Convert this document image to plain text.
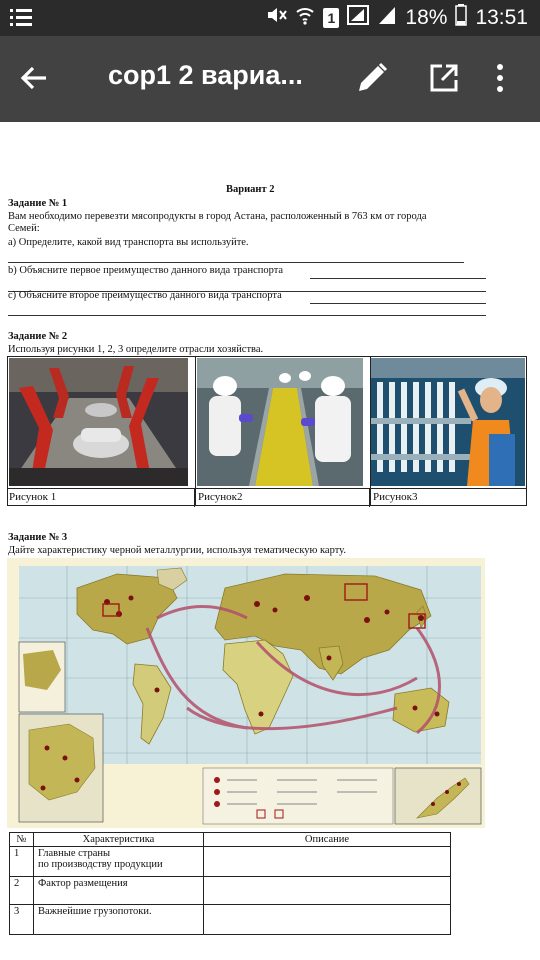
1	18% 13:51
сор1 2 вариа...
Вариант 2
Задание № 1
Вам необходимо перевезти мясопродукты в город Астана, расположенный в 763 км от города
Семей:
а) Определите, какой вид транспорта вы используйте.
b) Объясните первое преимущество данного вида транспорта
с) Объясните второе преимущество данного вида транспорта
Задание № 2
Используя рисунки 1, 2, 3 определите отрасли хозяйства.
Рисунок 1	Рисунок2	Рисунок3
Задание № 3
Дайте характеристику черной металлургии, используя тематическую карту.
№	Характеристика	Описание
1	Главные страны
по производству продукции	

2	Фактор размещения	
3	Важнейшие грузопотоки.	
